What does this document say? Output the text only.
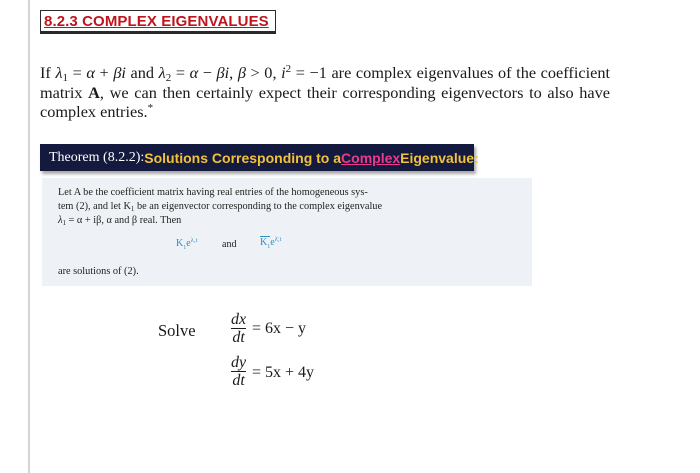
8.2.3 COMPLEX EIGENVALUES
If $\lambda_1 = \alpha + \beta i$ and $\lambda_2 = \alpha - \beta i$, β > 0, $i^2 = -1$ are complex eigenvalues of the coefficient matrix A, we can then certainly expect their corresponding eigenvectors to also have complex entries.*
Theorem (8.2.2): Solutions Corresponding to a Complex Eigenvalue:
Let A be the coefficient matrix having real entries of the homogeneous sys-
tem (2), and let $K_1$ be an eigenvector corresponding to the complex eigenvalue
$\lambda_1 = \alpha + i\beta$, α and β real. Then
$K_1e^{\lambda_1t}$ and $K_1e^{\lambdā_1t}$
are solutions of (2).
Solve $\frac{dx}{dt} = 6x - y$
$\frac{dy}{dt} = 5x + 4y$
